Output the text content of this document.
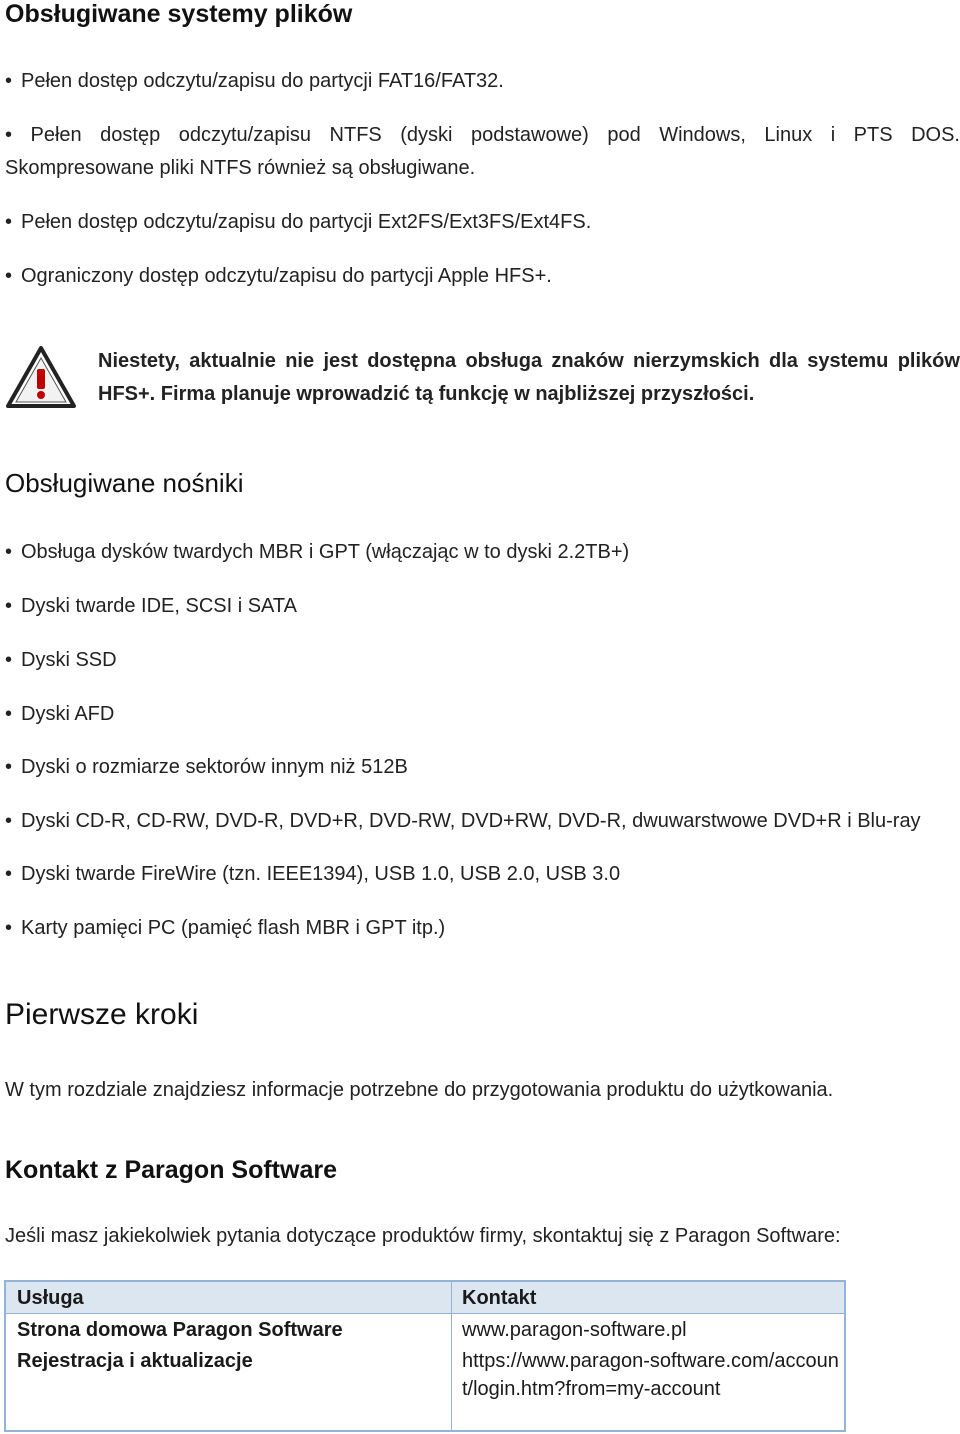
Obsługiwane systemy plików
• Pełen dostęp odczytu/zapisu do partycji FAT16/FAT32.
• Pełen dostęp odczytu/zapisu NTFS (dyski podstawowe) pod Windows, Linux i PTS DOS.
Skompresowane pliki NTFS również są obsługiwane.
• Pełen dostęp odczytu/zapisu do partycji Ext2FS/Ext3FS/Ext4FS.
• Ograniczony dostęp odczytu/zapisu do partycji Apple HFS+.
Niestety, aktualnie nie jest dostępna obsługa znaków nierzymskich dla systemu plików
HFS+. Firma planuje wprowadzić tą funkcję w najbliższej przyszłości.
Obsługiwane nośniki
• Obsługa dysków twardych MBR i GPT (włączając w to dyski 2.2TB+)
• Dyski twarde IDE, SCSI i SATA
• Dyski SSD
• Dyski AFD
• Dyski o rozmiarze sektorów innym niż 512B
• Dyski CD-R, CD-RW, DVD-R, DVD+R, DVD-RW, DVD+RW, DVD-R, dwuwarstwowe DVD+R i Blu-ray
• Dyski twarde FireWire (tzn. IEEE1394), USB 1.0, USB 2.0, USB 3.0
• Karty pamięci PC (pamięć flash MBR i GPT itp.)
Pierwsze kroki
W tym rozdziale znajdziesz informacje potrzebne do przygotowania produktu do użytkowania.
Kontakt z Paragon Software
Jeśli masz jakiekolwiek pytania dotyczące produktów firmy, skontaktuj się z Paragon Software:
Usługa	Kontakt
Strona domowa Paragon Software	www.paragon-software.pl
Rejestracja i aktualizacje	https://www.paragon-software.com/account/login.htm?from=my-account
